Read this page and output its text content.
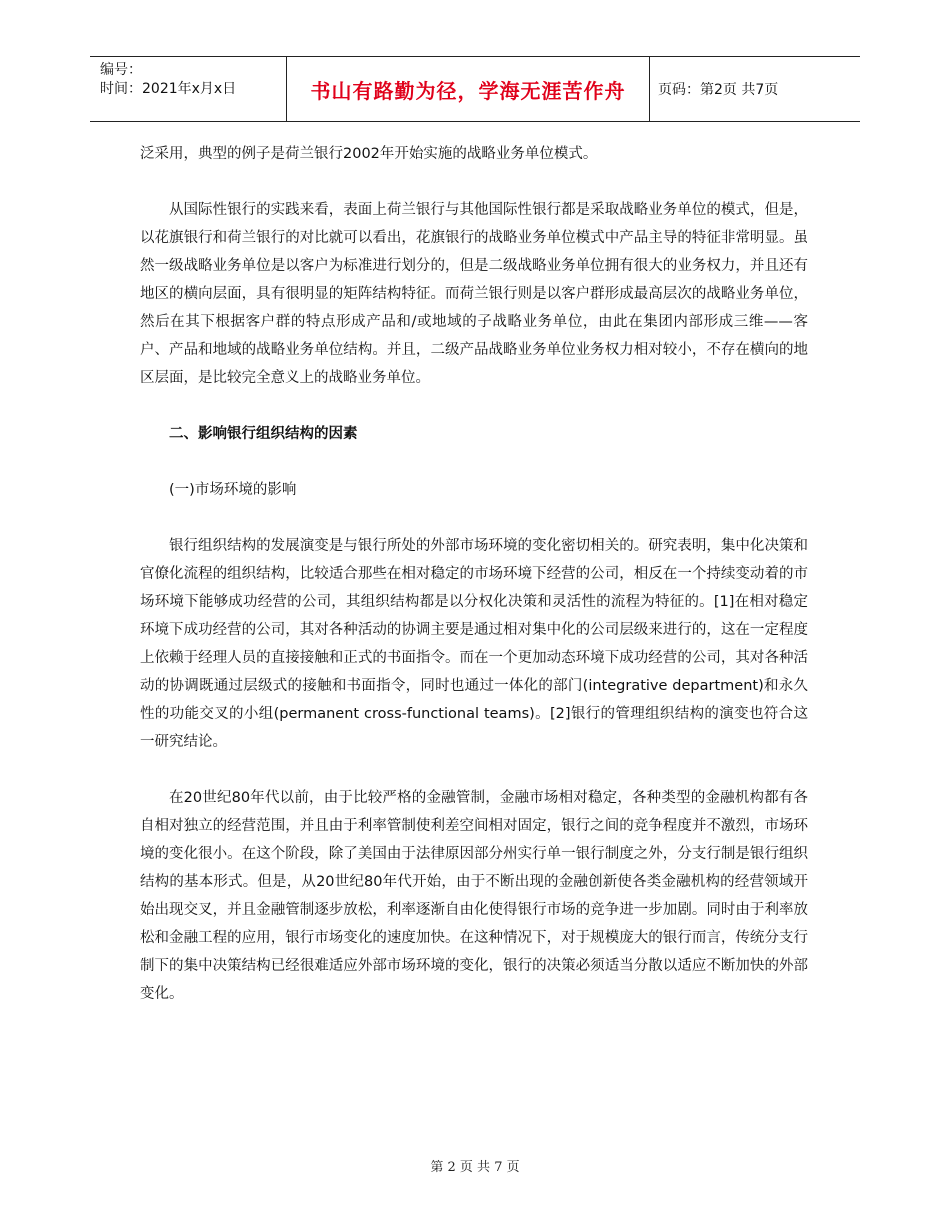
编号：
时间：2021年x月x日	书山有路勤为径，学海无涯苦作舟	页码：第2页 共7页

泛采用，典型的例子是荷兰银行2002年开始实施的战略业务单位模式。

从国际性银行的实践来看，表面上荷兰银行与其他国际性银行都是采取战略业务单位的模式，但是，以花旗银行和荷兰银行的对比就可以看出，花旗银行的战略业务单位模式中产品主导的特征非常明显。虽然一级战略业务单位是以客户为标准进行划分的，但是二级战略业务单位拥有很大的业务权力，并且还有地区的横向层面，具有很明显的矩阵结构特征。而荷兰银行则是以客户群形成最高层次的战略业务单位，然后在其下根据客户群的特点形成产品和/或地域的子战略业务单位，由此在集团内部形成三维——客户、产品和地域的战略业务单位结构。并且，二级产品战略业务单位业务权力相对较小，不存在横向的地区层面，是比较完全意义上的战略业务单位。

二、影响银行组织结构的因素

(一)市场环境的影响

银行组织结构的发展演变是与银行所处的外部市场环境的变化密切相关的。研究表明，集中化决策和官僚化流程的组织结构，比较适合那些在相对稳定的市场环境下经营的公司，相反在一个持续变动着的市场环境下能够成功经营的公司，其组织结构都是以分权化决策和灵活性的流程为特征的。[1]在相对稳定环境下成功经营的公司，其对各种活动的协调主要是通过相对集中化的公司层级来进行的，这在一定程度上依赖于经理人员的直接接触和正式的书面指令。而在一个更加动态环境下成功经营的公司，其对各种活动的协调既通过层级式的接触和书面指令，同时也通过一体化的部门(integrative department)和永久性的功能交叉的小组(permanent cross-functional teams)。[2]银行的管理组织结构的演变也符合这一研究结论。

在20世纪80年代以前，由于比较严格的金融管制，金融市场相对稳定，各种类型的金融机构都有各自相对独立的经营范围，并且由于利率管制使利差空间相对固定，银行之间的竞争程度并不激烈，市场环境的变化很小。在这个阶段，除了美国由于法律原因部分州实行单一银行制度之外，分支行制是银行组织结构的基本形式。但是，从20世纪80年代开始，由于不断出现的金融创新使各类金融机构的经营领域开始出现交叉，并且金融管制逐步放松，利率逐渐自由化使得银行市场的竞争进一步加剧。同时由于利率放松和金融工程的应用，银行市场变化的速度加快。在这种情况下，对于规模庞大的银行而言，传统分支行制下的集中决策结构已经很难适应外部市场环境的变化，银行的决策必须适当分散以适应不断加快的外部变化。

第 2 页 共 7 页
